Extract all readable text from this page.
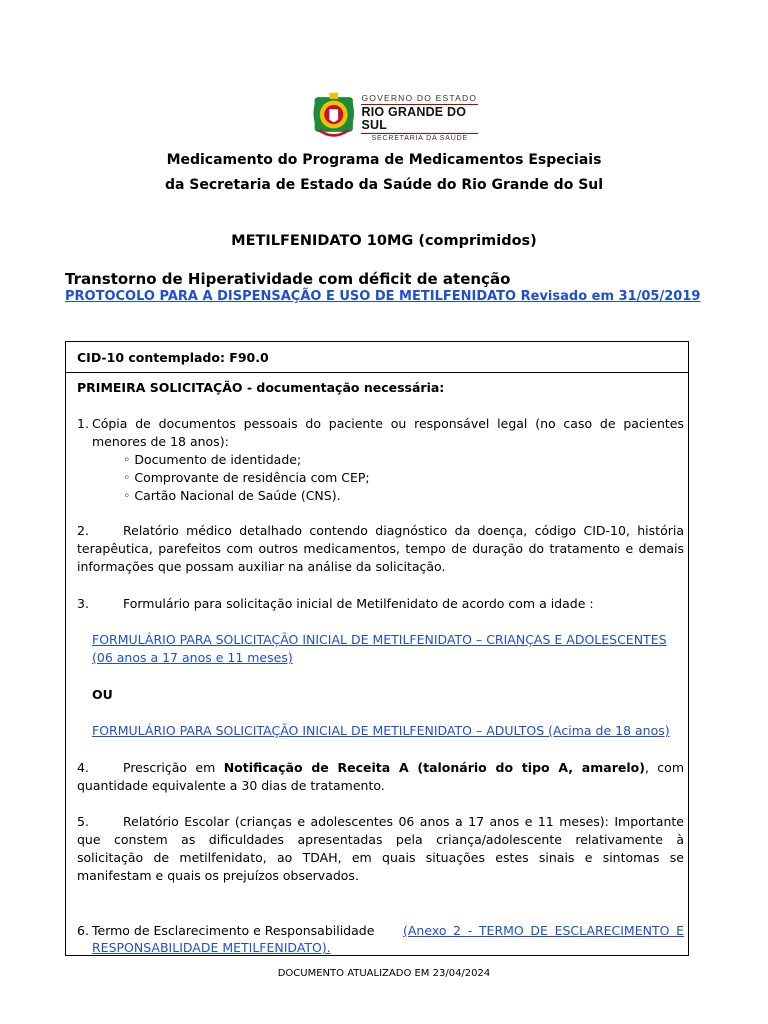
GOVERNO DO ESTADO
RIO GRANDE DO SUL
SECRETARIA DA SAÚDE
Medicamento do Programa de Medicamentos Especiais
da Secretaria de Estado da Saúde do Rio Grande do Sul
METILFENIDATO 10MG (comprimidos)
Transtorno de Hiperatividade com déficit de atenção
PROTOCOLO PARA A DISPENSAÇÃO E USO DE METILFENIDATO Revisado em 31/05/2019
CID-10 contemplado: F90.0
PRIMEIRA SOLICITAÇÃO - documentação necessária:
1. Cópia de documentos pessoais do paciente ou responsável legal (no caso de pacientes
menores de 18 anos):
◦ Documento de identidade;
◦ Comprovante de residência com CEP;
◦ Cartão Nacional de Saúde (CNS).
2.	Relatório médico detalhado contendo diagnóstico da doença, código CID-10, história
terapêutica, parefeitos com outros medicamentos, tempo de duração do tratamento e demais
informações que possam auxiliar na análise da solicitação.
3.	Formulário para solicitação inicial de Metilfenidato de acordo com a idade :
FORMULÁRIO PARA SOLICITAÇÃO INICIAL DE METILFENIDATO – CRIANÇAS E ADOLESCENTES
(06 anos a 17 anos e 11 meses)
OU
FORMULÁRIO PARA SOLICITAÇÃO INICIAL DE METILFENIDATO – ADULTOS (Acima de 18 anos)
4.	Prescrição em Notificação de Receita A (talonário do tipo A, amarelo), com
quantidade equivalente a 30 dias de tratamento.
5.	Relatório Escolar (crianças e adolescentes 06 anos a 17 anos e 11 meses): Importante
que constem as dificuldades apresentadas pela criança/adolescente relativamente à
solicitação de metilfenidato, ao TDAH, em quais situações estes sinais e sintomas se
manifestam e quais os prejuízos observados.
6. Termo de Esclarecimento e Responsabilidade (Anexo 2 - TERMO DE ESCLARECIMENTO E
RESPONSABILIDADE METILFENIDATO).
DOCUMENTO ATUALIZADO EM 23/04/2024
